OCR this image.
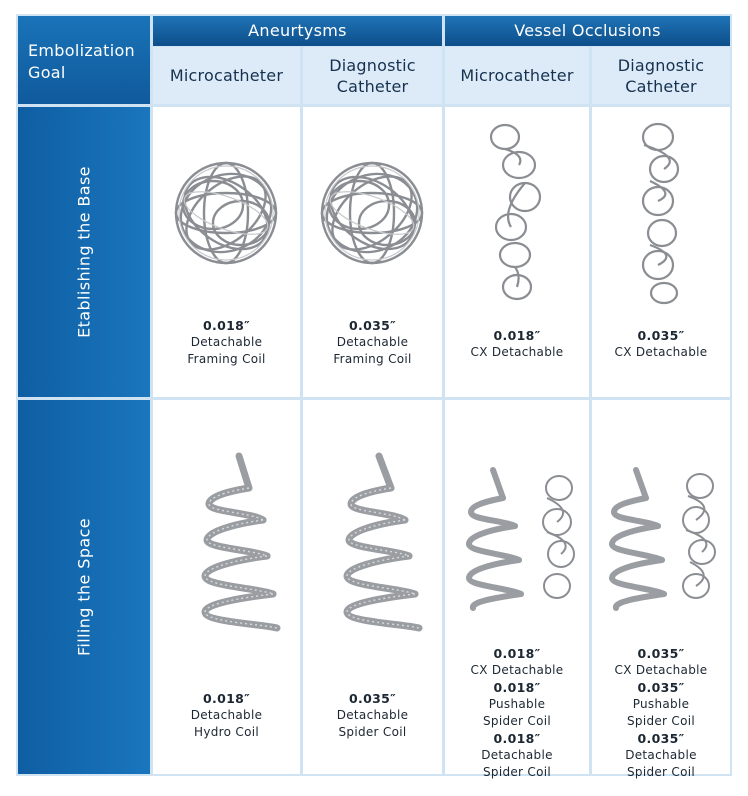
Embolization Goal
Aneurtysms	Vessel Occlusions
Microcatheter
Diagnostic Catheter
Microcatheter
Diagnostic Catheter
Etablishing the Base	0.018″
Detachable
Framing Coil
0.035″
Detachable
Framing Coil
0.018″
CX Detachable
0.035″
CX Detachable
Filling the Space
0.018″
Detachable
Hydro Coil
0.035″
Detachable
Spider Coil
0.018″
CX Detachable
0.018″
Pushable
Spider Coil
0.018″
Detachable
Spider Coil
0.035″
CX Detachable
0.035″
Pushable
Spider Coil
0.035″
Detachable
Spider Coil
